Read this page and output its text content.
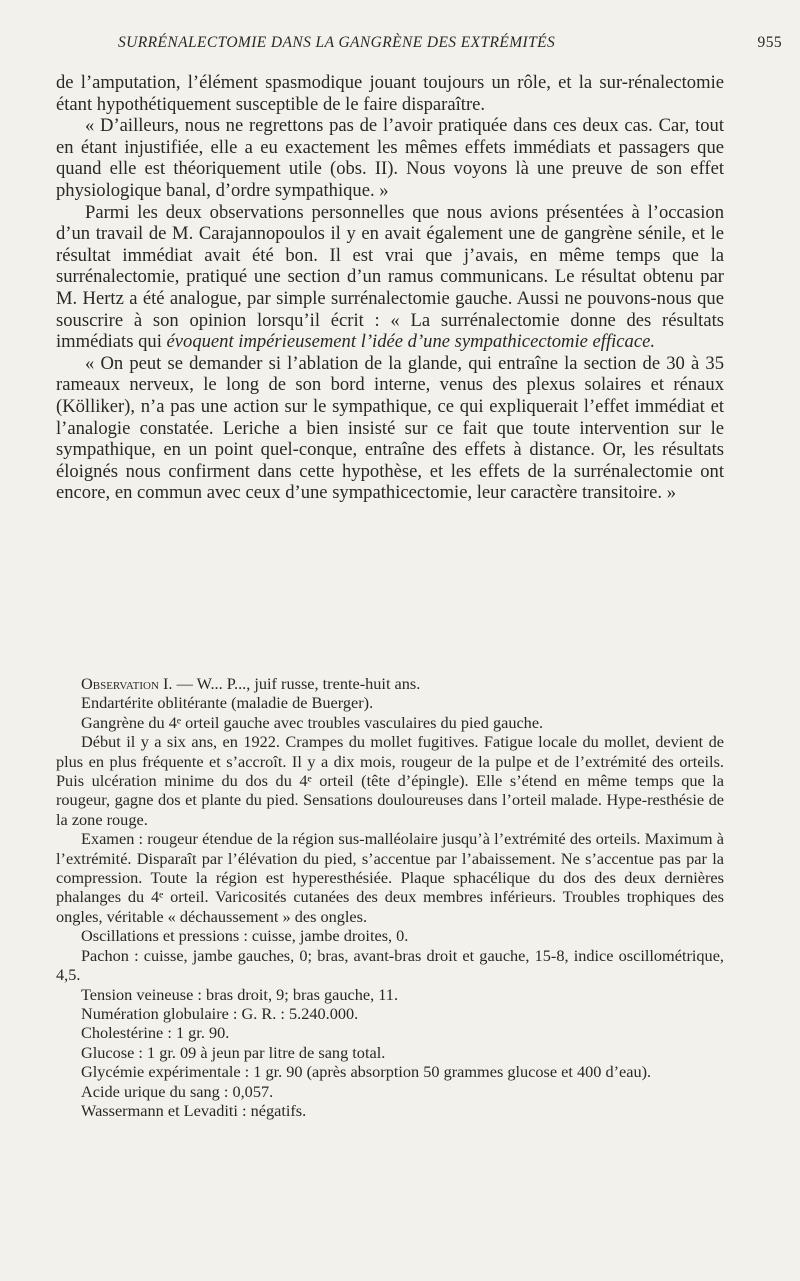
SURRÉNALECTOMIE DANS LA GANGRÈNE DES EXTRÉMITÉS	955

de l’amputation, l’élément spasmodique jouant toujours un rôle, et la sur-rénalectomie étant hypothétiquement susceptible de le faire disparaître.

« D’ailleurs, nous ne regrettons pas de l’avoir pratiquée dans ces deux cas. Car, tout en étant injustifiée, elle a eu exactement les mêmes effets immédiats et passagers que quand elle est théoriquement utile (obs. II). Nous voyons là une preuve de son effet physiologique banal, d’ordre sympathique. »

Parmi les deux observations personnelles que nous avions présentées à l’occasion d’un travail de M. Carajannopoulos il y en avait également une de gangrène sénile, et le résultat immédiat avait été bon. Il est vrai que j’avais, en même temps que la surrénalectomie, pratiqué une section d’un ramus communicans. Le résultat obtenu par M. Hertz a été analogue, par simple surrénalectomie gauche. Aussi ne pouvons-nous que souscrire à son opinion lorsqu’il écrit : « La surrénalectomie donne des résultats immédiats qui évoquent impérieusement l’idée d’une sympathicectomie efficace.

« On peut se demander si l’ablation de la glande, qui entraîne la section de 30 à 35 rameaux nerveux, le long de son bord interne, venus des plexus solaires et rénaux (Kölliker), n’a pas une action sur le sympathique, ce qui expliquerait l’effet immédiat et l’analogie constatée. Leriche a bien insisté sur ce fait que toute intervention sur le sympathique, en un point quel-conque, entraîne des effets à distance. Or, les résultats éloignés nous confirment dans cette hypothèse, et les effets de la surrénalectomie ont encore, en commun avec ceux d’une sympathicectomie, leur caractère transitoire. »

Observation I. — W... P..., juif russe, trente-huit ans.

Endartérite oblitérante (maladie de Buerger).

Gangrène du 4ᵉ orteil gauche avec troubles vasculaires du pied gauche.

Début il y a six ans, en 1922. Crampes du mollet fugitives. Fatigue locale du mollet, devient de plus en plus fréquente et s’accroît. Il y a dix mois, rougeur de la pulpe et de l’extrémité des orteils. Puis ulcération minime du dos du 4ᵉ orteil (tête d’épingle). Elle s’étend en même temps que la rougeur, gagne dos et plante du pied. Sensations douloureuses dans l’orteil malade. Hype-resthésie de la zone rouge.

Examen : rougeur étendue de la région sus-malléolaire jusqu’à l’extrémité des orteils. Maximum à l’extrémité. Disparaît par l’élévation du pied, s’accentue par l’abaissement. Ne s’accentue pas par la compression. Toute la région est hyperesthésiée. Plaque sphacélique du dos des deux dernières phalanges du 4ᵉ orteil. Varicosités cutanées des deux membres inférieurs. Troubles trophiques des ongles, véritable « déchaussement » des ongles.

Oscillations et pressions : cuisse, jambe droites, 0.

Pachon : cuisse, jambe gauches, 0; bras, avant-bras droit et gauche, 15-8, indice oscillométrique, 4,5.

Tension veineuse : bras droit, 9; bras gauche, 11.

Numération globulaire : G. R. : 5.240.000.

Cholestérine : 1 gr. 90.

Glucose : 1 gr. 09 à jeun par litre de sang total.

Glycémie expérimentale : 1 gr. 90 (après absorption 50 grammes glucose et 400 d’eau).

Acide urique du sang : 0,057.

Wassermann et Levaditi : négatifs.
